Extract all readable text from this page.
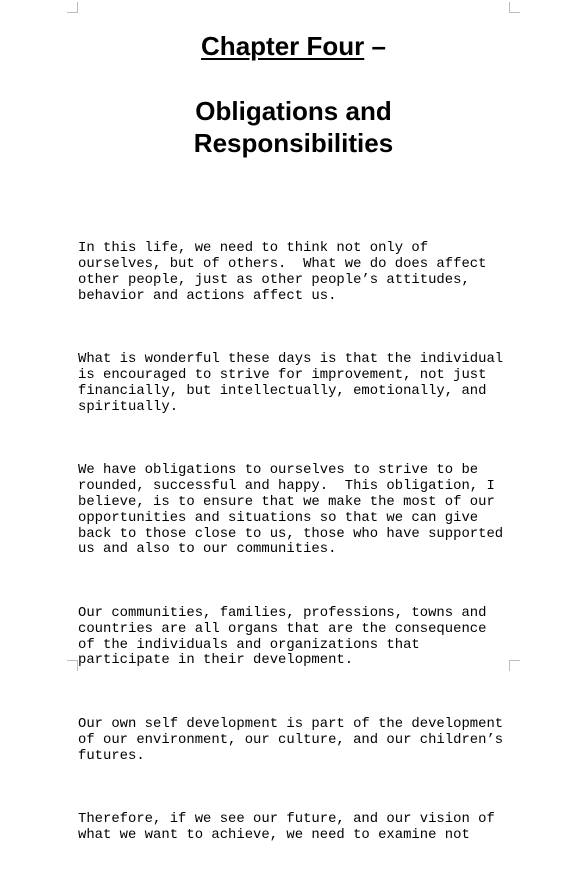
Chapter Four –
Obligations and
Responsibilities

In this life, we need to think not only of
ourselves, but of others.  What we do does affect
other people, just as other people’s attitudes,
behavior and actions affect us.

What is wonderful these days is that the individual
is encouraged to strive for improvement, not just
financially, but intellectually, emotionally, and
spiritually.

We have obligations to ourselves to strive to be
rounded, successful and happy.  This obligation, I
believe, is to ensure that we make the most of our
opportunities and situations so that we can give
back to those close to us, those who have supported
us and also to our communities.

Our communities, families, professions, towns and
countries are all organs that are the consequence
of the individuals and organizations that
participate in their development.

Our own self development is part of the development
of our environment, our culture, and our children’s
futures.

Therefore, if we see our future, and our vision of
what we want to achieve, we need to examine not
